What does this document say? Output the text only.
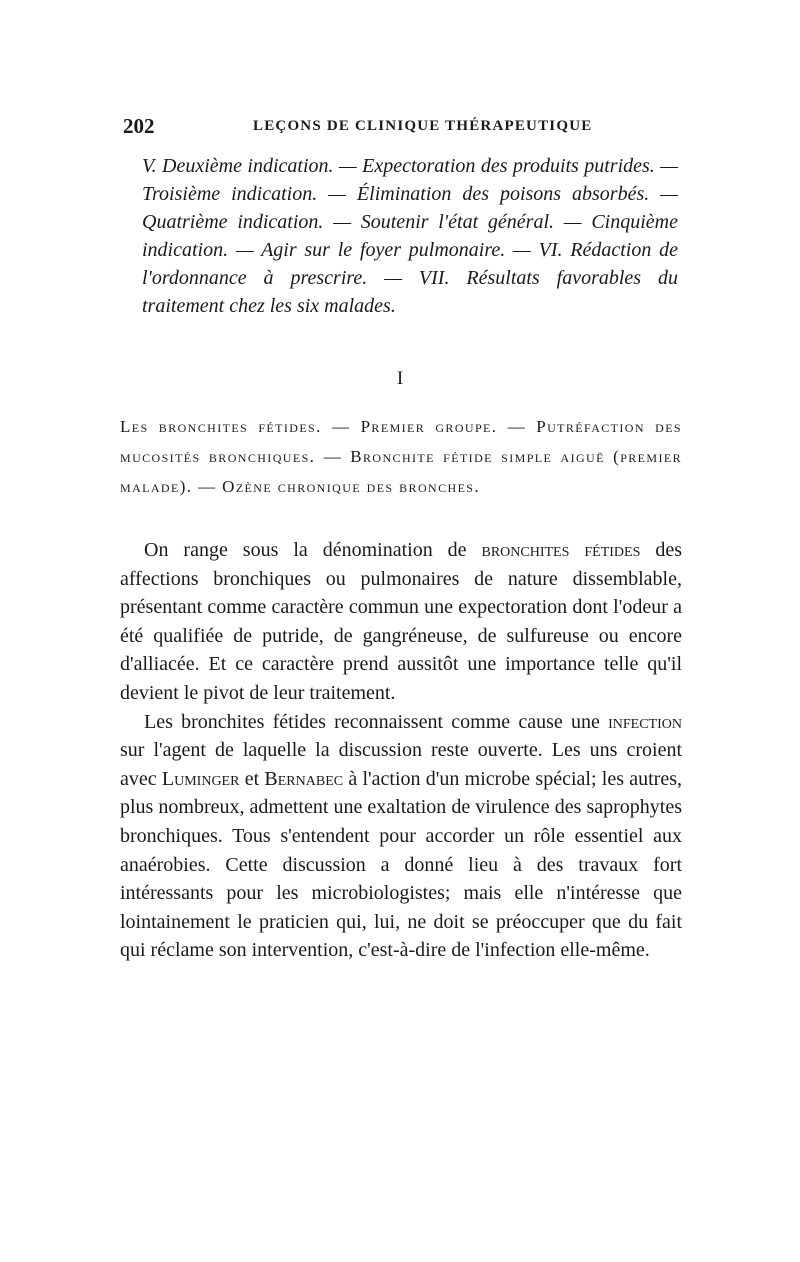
202	LEÇONS DE CLINIQUE THÉRAPEUTIQUE
V. Deuxième indication. — Expectoration des produits putrides. — Troisième indication. — Élimination des poisons absorbés. — Quatrième indication. — Soutenir l'état général. — Cinquième indication. — Agir sur le foyer pulmonaire. — VI. Rédaction de l'ordonnance à prescrire. — VII. Résultats favorables du traitement chez les six malades.
I
Les bronchites fétides. — Premier groupe. — Putréfaction des mucosités bronchiques. — Bronchite fétide simple aiguë (premier malade). — Ozène chronique des bronches.

On range sous la dénomination de bronchites fétides des affections bronchiques ou pulmonaires de nature dissemblable, présentant comme caractère commun une expectoration dont l'odeur a été qualifiée de putride, de gangréneuse, de sulfureuse ou encore d'alliacée. Et ce caractère prend aussitôt une importance telle qu'il devient le pivot de leur traitement.

Les bronchites fétides reconnaissent comme cause une infection sur l'agent de laquelle la discussion reste ouverte. Les uns croient avec Luminger et Bernabec à l'action d'un microbe spécial; les autres, plus nombreux, admettent une exaltation de virulence des saprophytes bronchiques. Tous s'entendent pour accorder un rôle essentiel aux anaérobies. Cette discussion a donné lieu à des travaux fort intéressants pour les microbiologistes; mais elle n'intéresse que lointainement le praticien qui, lui, ne doit se préoccuper que du fait qui réclame son intervention, c'est-à-dire de l'infection elle-même.
